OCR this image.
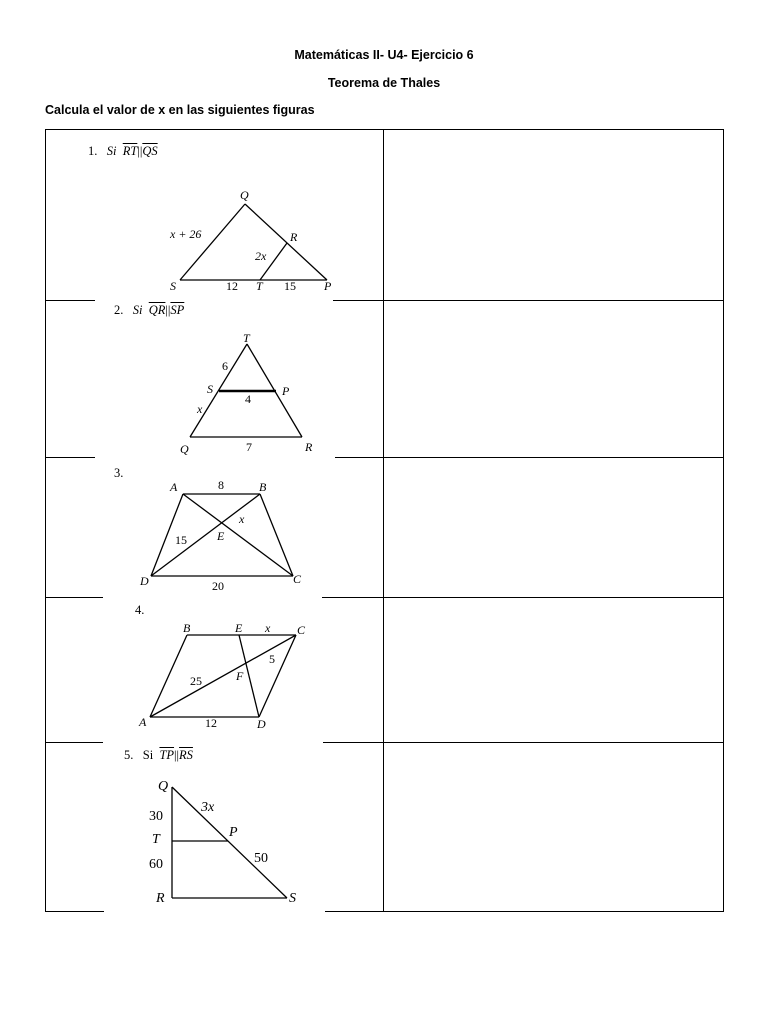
Matemáticas II- U4- Ejercicio 6
Teorema de Thales
Calcula el valor de x en las siguientes figuras
1. Si $\overline{RT}||\overline{QS}$
Q
R
S	T	P
x + 26
2x
12	15
2. Si $\overline{QR}||\overline{SP}$
T
6
S	P
4
x
Q	7	R
3.
A	8	B
x
15	E
D	20	C
4.
B	E x C
5
25	F
A	12	D
5. Si $\overline{TP}||\overline{RS}$
Q
30
3x
T	P
50
60
R	S
